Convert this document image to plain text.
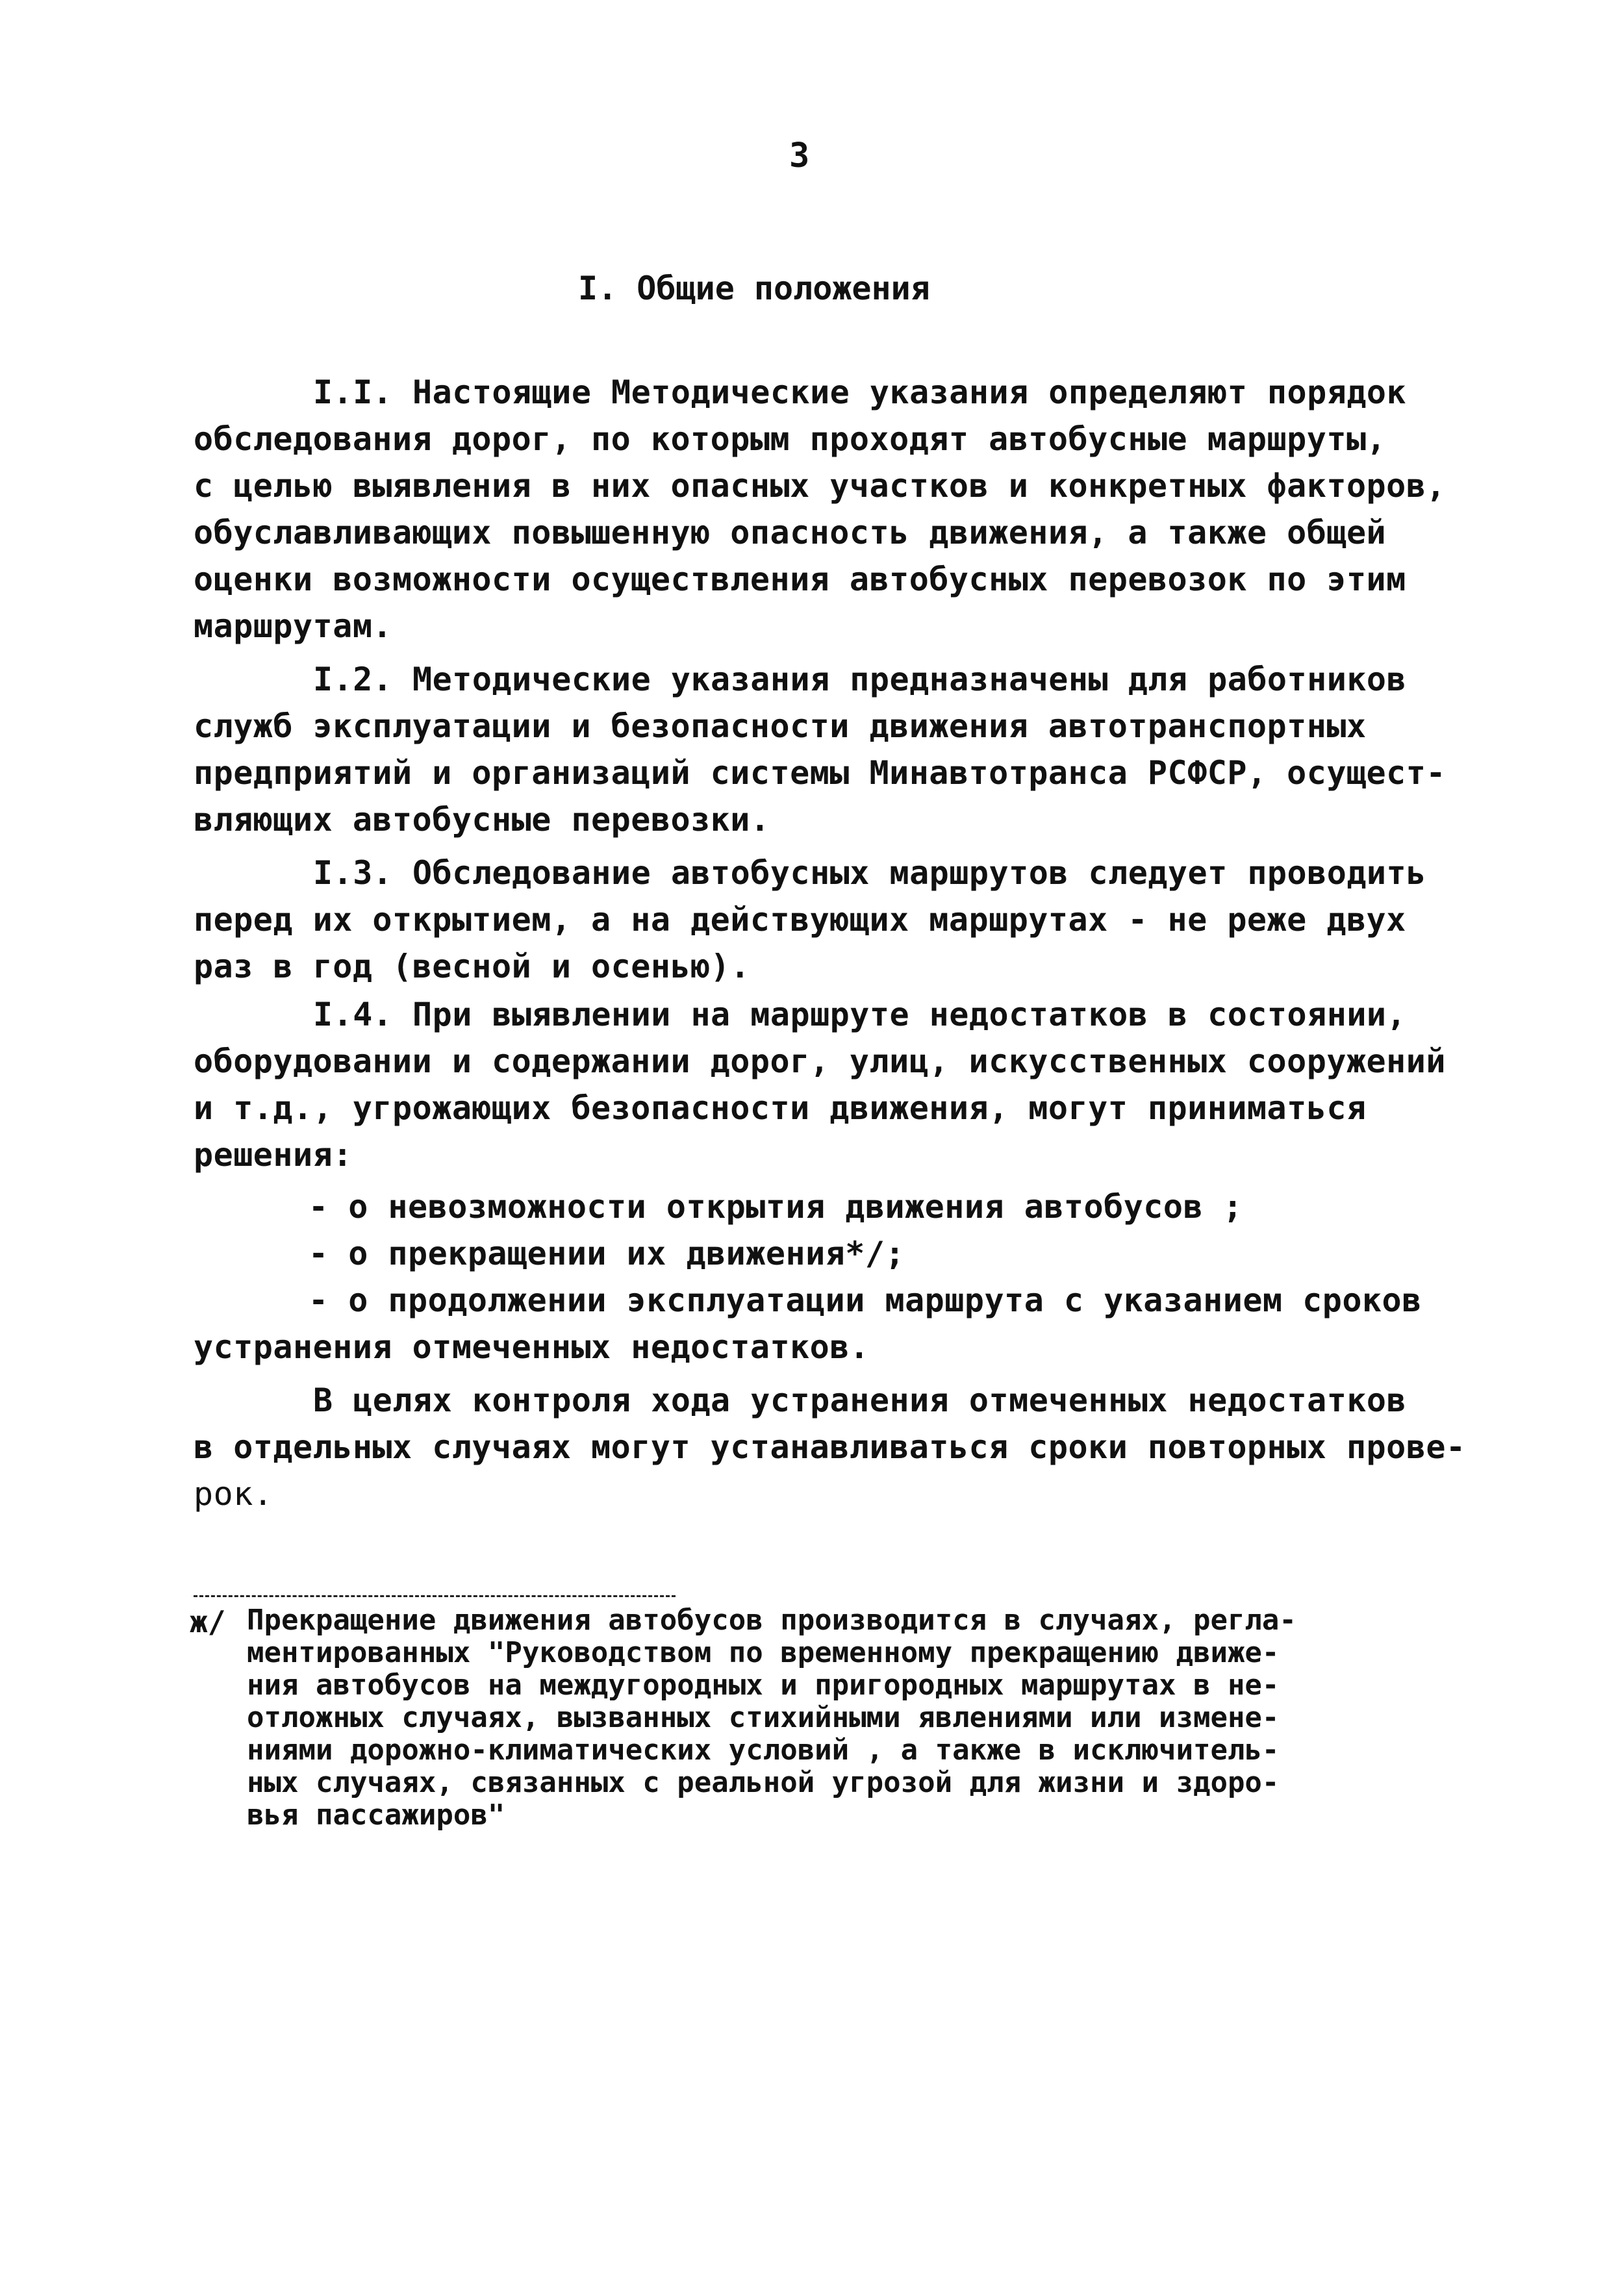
3
I. Общие положения
I.I. Настоящие Методические указания определяют порядок
обследования дорог, по которым проходят автобусные маршруты,
с целью выявления в них опасных участков и конкретных факторов,
обуславливающих повышенную опасность движения, а также общей
оценки возможности осуществления автобусных перевозок по этим
маршрутам.
I.2. Методические указания предназначены для работников
служб эксплуатации и безопасности движения автотранспортных
предприятий и организаций системы Минавтотранса РСФСР, осущест-
вляющих автобусные перевозки.
I.3. Обследование автобусных маршрутов следует проводить
перед их открытием, а на действующих маршрутах - не реже двух
раз в год (весной и осенью).
I.4. При выявлении на маршруте недостатков в состоянии,
оборудовании и содержании дорог, улиц, искусственных сооружений
и т.д., угрожающих безопасности движения, могут приниматься
решения:
- о невозможности открытия движения автобусов ;
- о прекращении их движения*/;
- о продолжении эксплуатации маршрута с указанием сроков
устранения отмеченных недостатков.
В целях контроля хода устранения отмеченных недостатков
в отдельных случаях могут устанавливаться сроки повторных прове-
рок.
ж/ Прекращение движения автобусов производится в случаях, регла-
ментированных "Руководством по временному прекращению движе-
ния автобусов на междугородных и пригородных маршрутах в не-
отложных случаях, вызванных стихийными явлениями или измене-
ниями дорожно-климатических условий , а также в исключитель-
ных случаях, связанных с реальной угрозой для жизни и здоро-
вья пассажиров"
